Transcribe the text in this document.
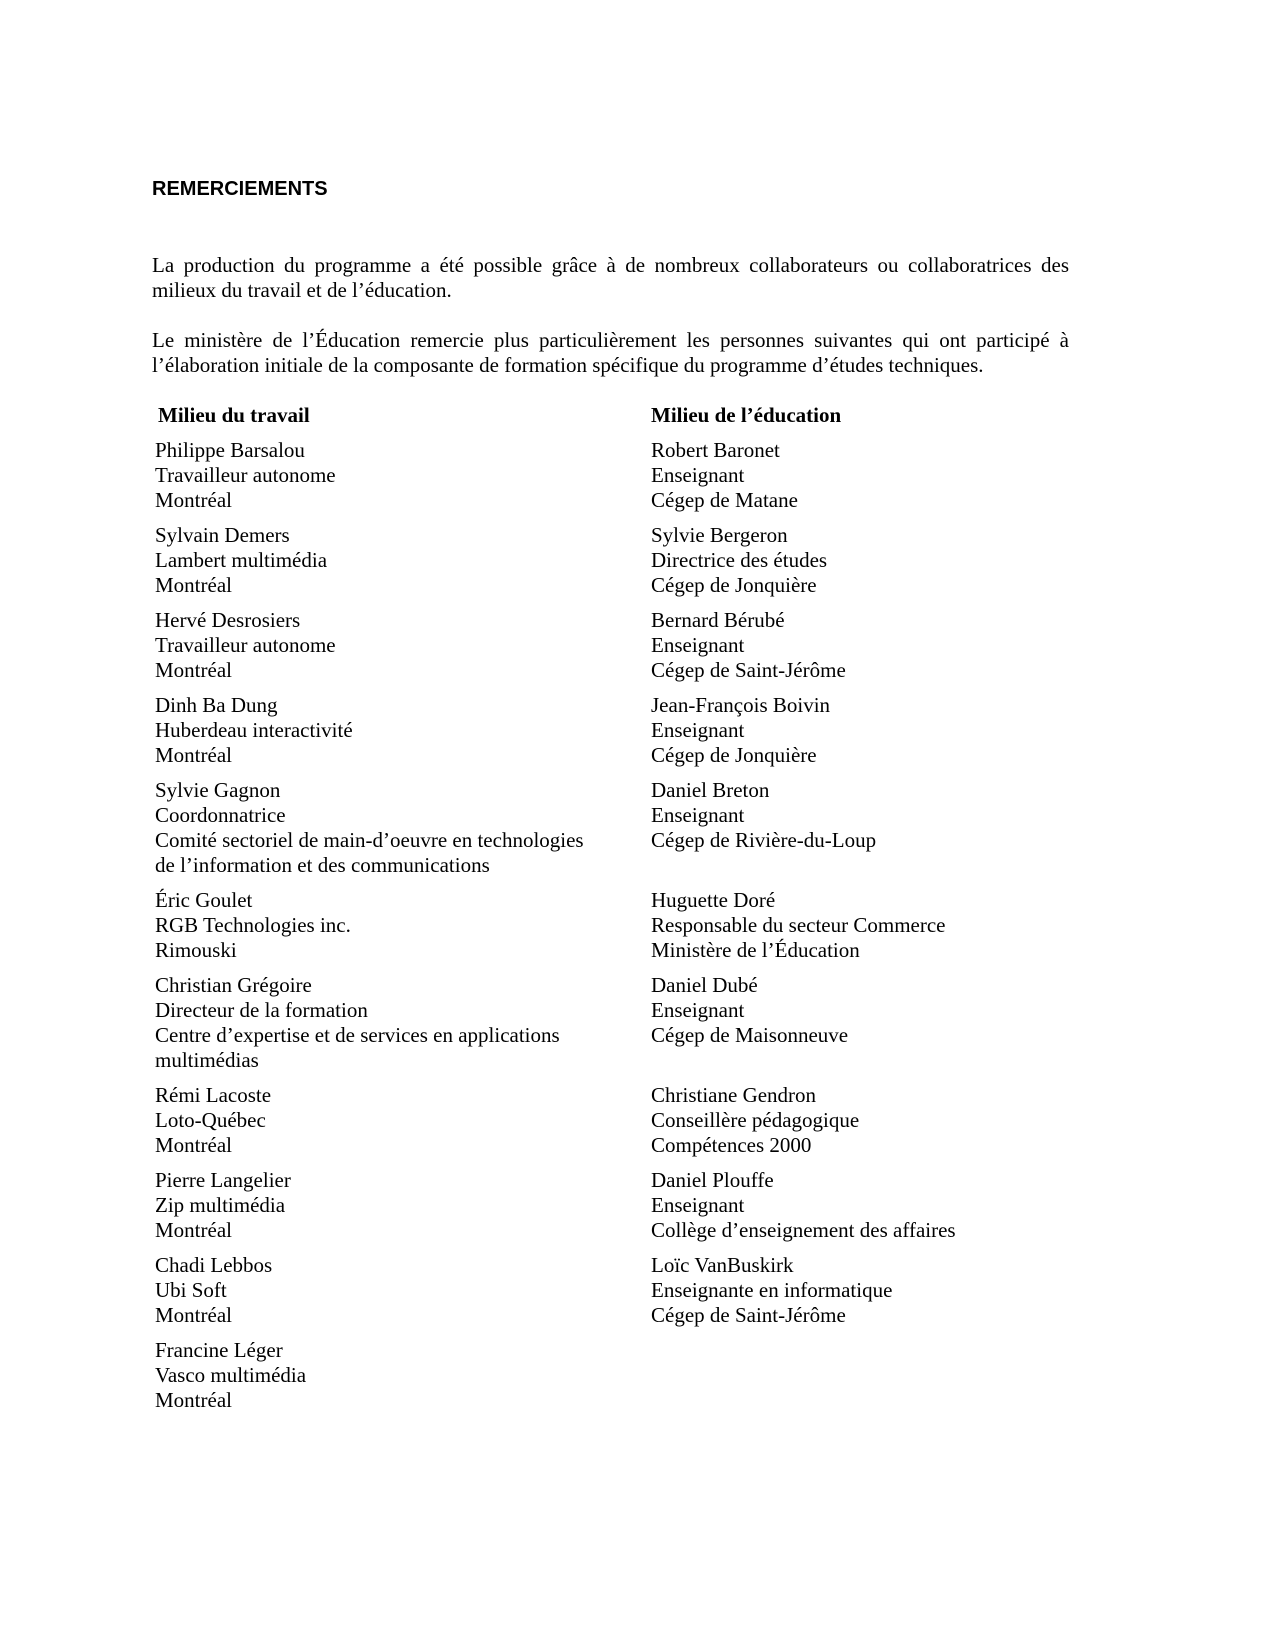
REMERCIEMENTS
La production du programme a été possible grâce à de nombreux collaborateurs ou collaboratrices des milieux du travail et de l’éducation.
Le ministère de l’Éducation remercie plus particulièrement les personnes suivantes qui ont participé à l’élaboration initiale de la composante de formation spécifique du programme d’études techniques.
Milieu du travail	Milieu de l’éducation
Philippe Barsalou
Travailleur autonome
Montréal
Robert Baronet
Enseignant
Cégep de Matane
Sylvain Demers
Lambert multimédia
Montréal
Sylvie Bergeron
Directrice des études
Cégep de Jonquière
Hervé Desrosiers
Travailleur autonome
Montréal
Bernard Bérubé
Enseignant
Cégep de Saint-Jérôme
Dinh Ba Dung
Huberdeau interactivité
Montréal
Jean-François Boivin
Enseignant
Cégep de Jonquière
Sylvie Gagnon
Coordonnatrice
Comité sectoriel de main-d’oeuvre en technologies
de l’information et des communications
Daniel Breton
Enseignant
Cégep de Rivière-du-Loup
Éric Goulet
RGB Technologies inc.
Rimouski
Huguette Doré
Responsable du secteur Commerce
Ministère de l’Éducation
Christian Grégoire
Directeur de la formation
Centre d’expertise et de services en applications
multimédias
Daniel Dubé
Enseignant
Cégep de Maisonneuve
Rémi Lacoste
Loto-Québec
Montréal
Christiane Gendron
Conseillère pédagogique
Compétences 2000
Pierre Langelier
Zip multimédia
Montréal
Daniel Plouffe
Enseignant
Collège d’enseignement des affaires
Chadi Lebbos
Ubi Soft
Montréal
Loïc VanBuskirk
Enseignante en informatique
Cégep de Saint-Jérôme
Francine Léger
Vasco multimédia
Montréal
